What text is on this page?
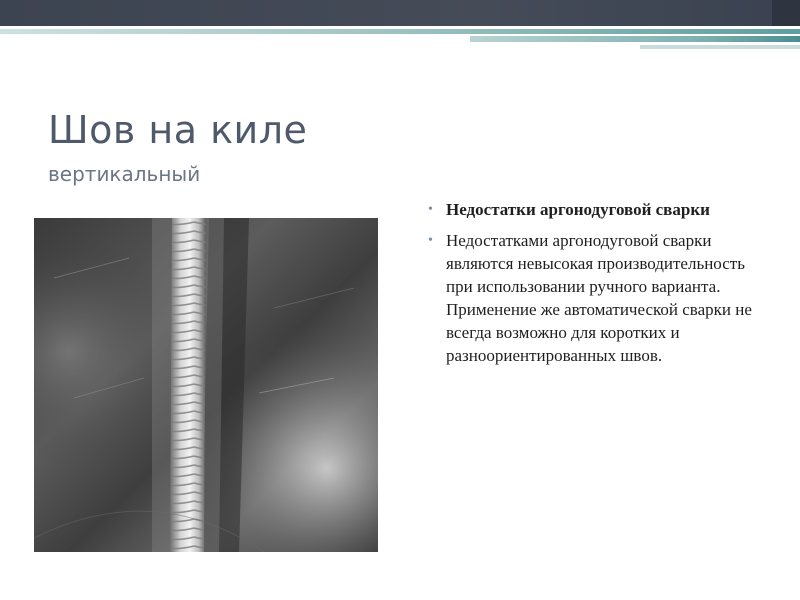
Шов на киле
вертикальный
• Недостатки аргонодуговой сварки
• Недостатками аргонодуговой сварки являются невысокая производительность при использовании ручного варианта. Применение же автоматической сварки не всегда возможно для коротких и разноориентированных швов.
